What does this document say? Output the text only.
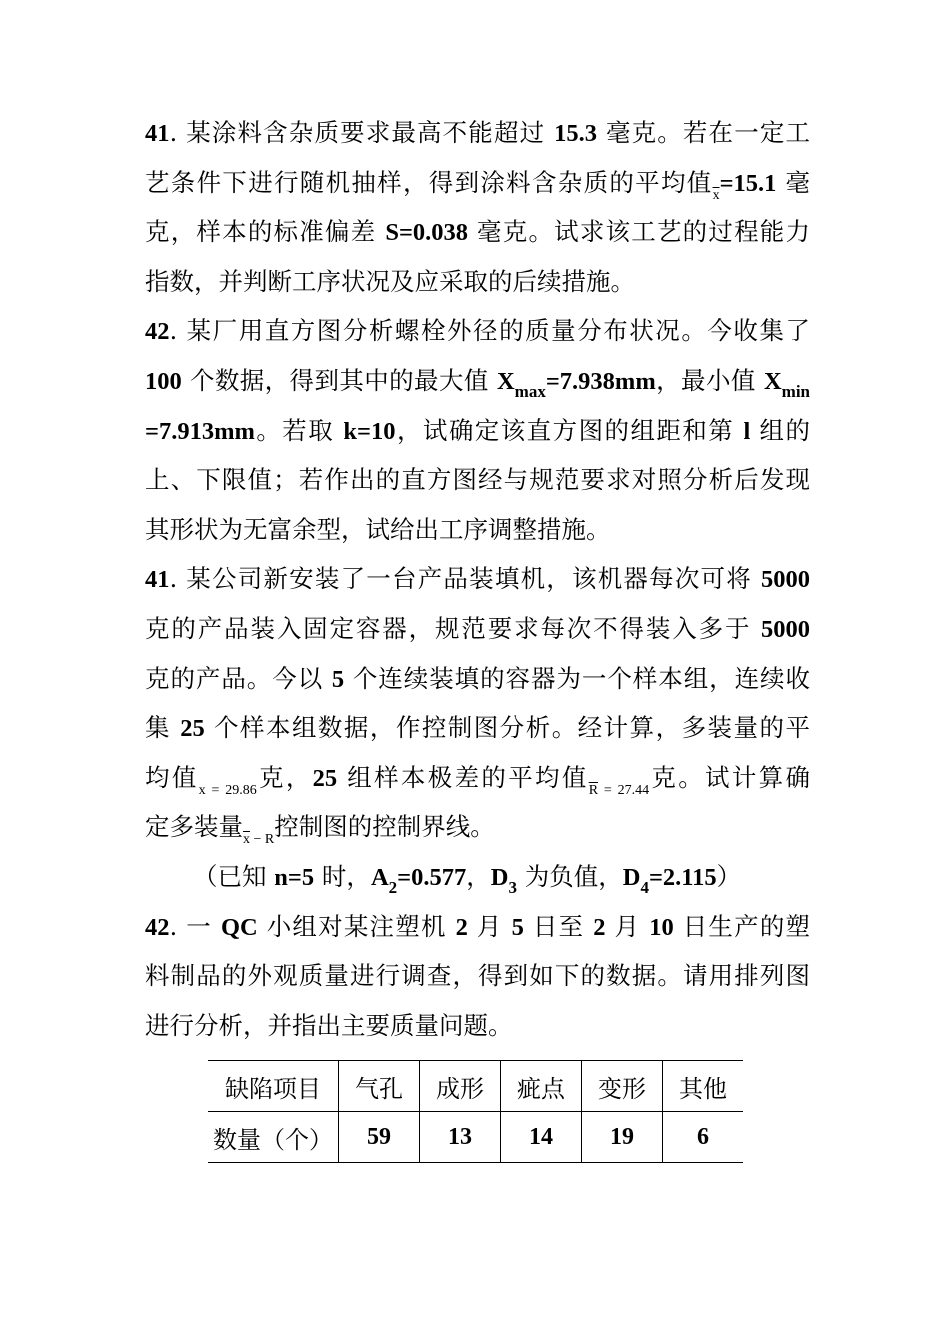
41. 某涂料含杂质要求最高不能超过 15.3 毫克。若在一定工
艺条件下进行随机抽样，得到涂料含杂质的平均值$_{\overline{x}}$=15.1 毫
克，样本的标准偏差 S=0.038 毫克。试求该工艺的过程能力
指数，并判断工序状况及应采取的后续措施。
42. 某厂用直方图分析螺栓外径的质量分布状况。今收集了
100 个数据，得到其中的最大值 $X_{max}=7.938mm$，最小值 $X_{min}$
=7.913mm。若取 k=10，试确定该直方图的组距和第 l 组的
上、下限值；若作出的直方图经与规范要求对照分析后发现
其形状为无富余型，试给出工序调整措施。
41. 某公司新安装了一台产品装填机，该机器每次可将 5000
克的产品装入固定容器，规范要求每次不得装入多于 5000
克的产品。今以 5 个连续装填的容器为一个样本组，连续收
集 25 个样本组数据，作控制图分析。经计算，多装量的平
均值$_{x = 29.86}$克，25 组样本极差的平均值$_{\overline{R}}$ $_{= 27.44}$克。试计算确
定多装量$_{\overline{x}}$ $_{- R}$控制图的控制界线。
（已知 n=5 时，$A_2=0.577$，$D_3$ 为负值，$D_4=2.115$）
42. 一 QC 小组对某注塑机 2 月 5 日至 2 月 10 日生产的塑
料制品的外观质量进行调查，得到如下的数据。请用排列图
进行分析，并指出主要质量问题。
缺陷项目	气孔	成形	疵点	变形	其他
数量（个）	59	13	14	19	6
